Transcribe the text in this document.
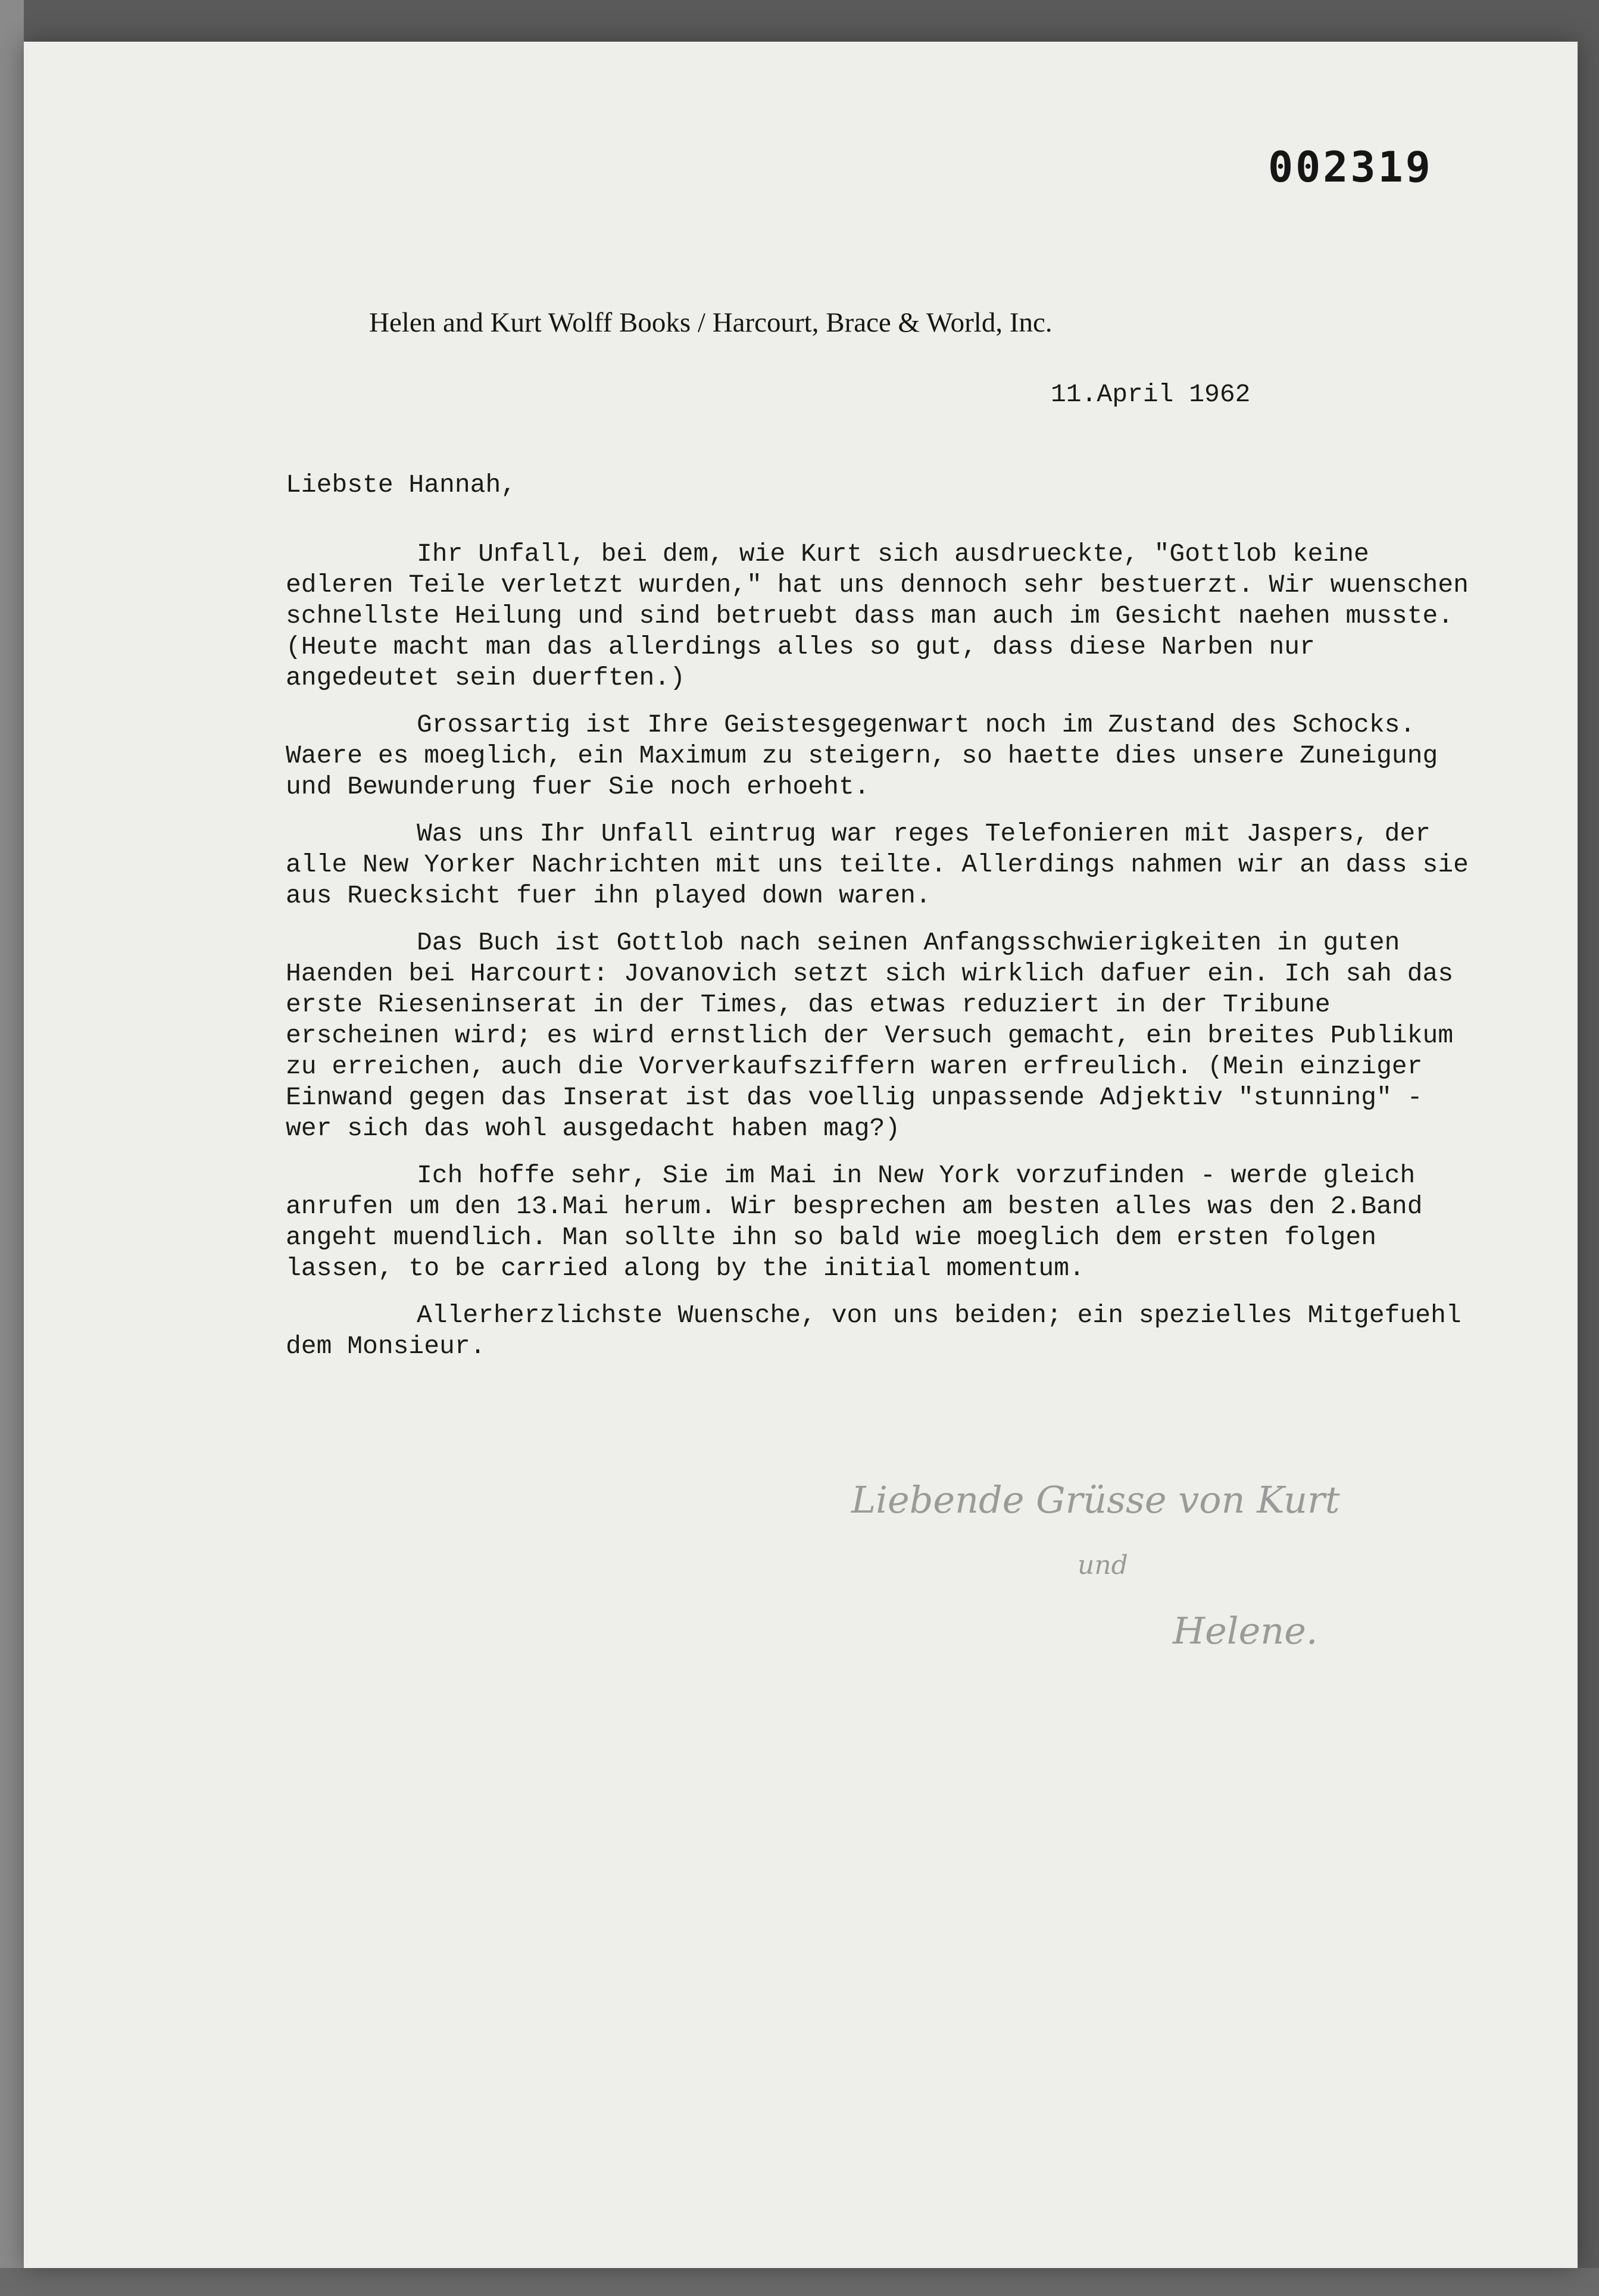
002319
Helen and Kurt Wolff Books / Harcourt, Brace & World, Inc.
11.April 1962
Liebste Hannah,

Ihr Unfall, bei dem, wie Kurt sich ausdrueckte, "Gottlob keine edleren Teile verletzt wurden," hat uns dennoch sehr bestuerzt. Wir wuenschen schnellste Heilung und sind betruebt dass man auch im Gesicht naehen musste. (Heute macht man das allerdings alles so gut, dass diese Narben nur angedeutet sein duerften.)

Grossartig ist Ihre Geistesgegenwart noch im Zustand des Schocks. Waere es moeglich, ein Maximum zu steigern, so haette dies unsere Zuneigung und Bewunderung fuer Sie noch erhoeht.

Was uns Ihr Unfall eintrug war reges Telefonieren mit Jaspers, der alle New Yorker Nachrichten mit uns teilte. Allerdings nahmen wir an dass sie aus Ruecksicht fuer ihn played down waren.

Das Buch ist Gottlob nach seinen Anfangsschwierigkeiten in guten Haenden bei Harcourt: Jovanovich setzt sich wirklich dafuer ein. Ich sah das erste Rieseninserat in der Times, das etwas reduziert in der Tribune erscheinen wird; es wird ernstlich der Versuch gemacht, ein breites Publikum zu erreichen, auch die Vorverkaufsziffern waren erfreulich. (Mein einziger Einwand gegen das Inserat ist das voellig unpassende Adjektiv "stunning" - wer sich das wohl ausgedacht haben mag?)

Ich hoffe sehr, Sie im Mai in New York vorzufinden - werde gleich anrufen um den 13.Mai herum. Wir besprechen am besten alles was den 2.Band angeht muendlich. Man sollte ihn so bald wie moeglich dem ersten folgen lassen, to be carried along by the initial momentum.

Allerherzlichste Wuensche, von uns beiden; ein spezielles Mitgefuehl dem Monsieur.

Liebende Grüsse von Kurt
und
Helene.
